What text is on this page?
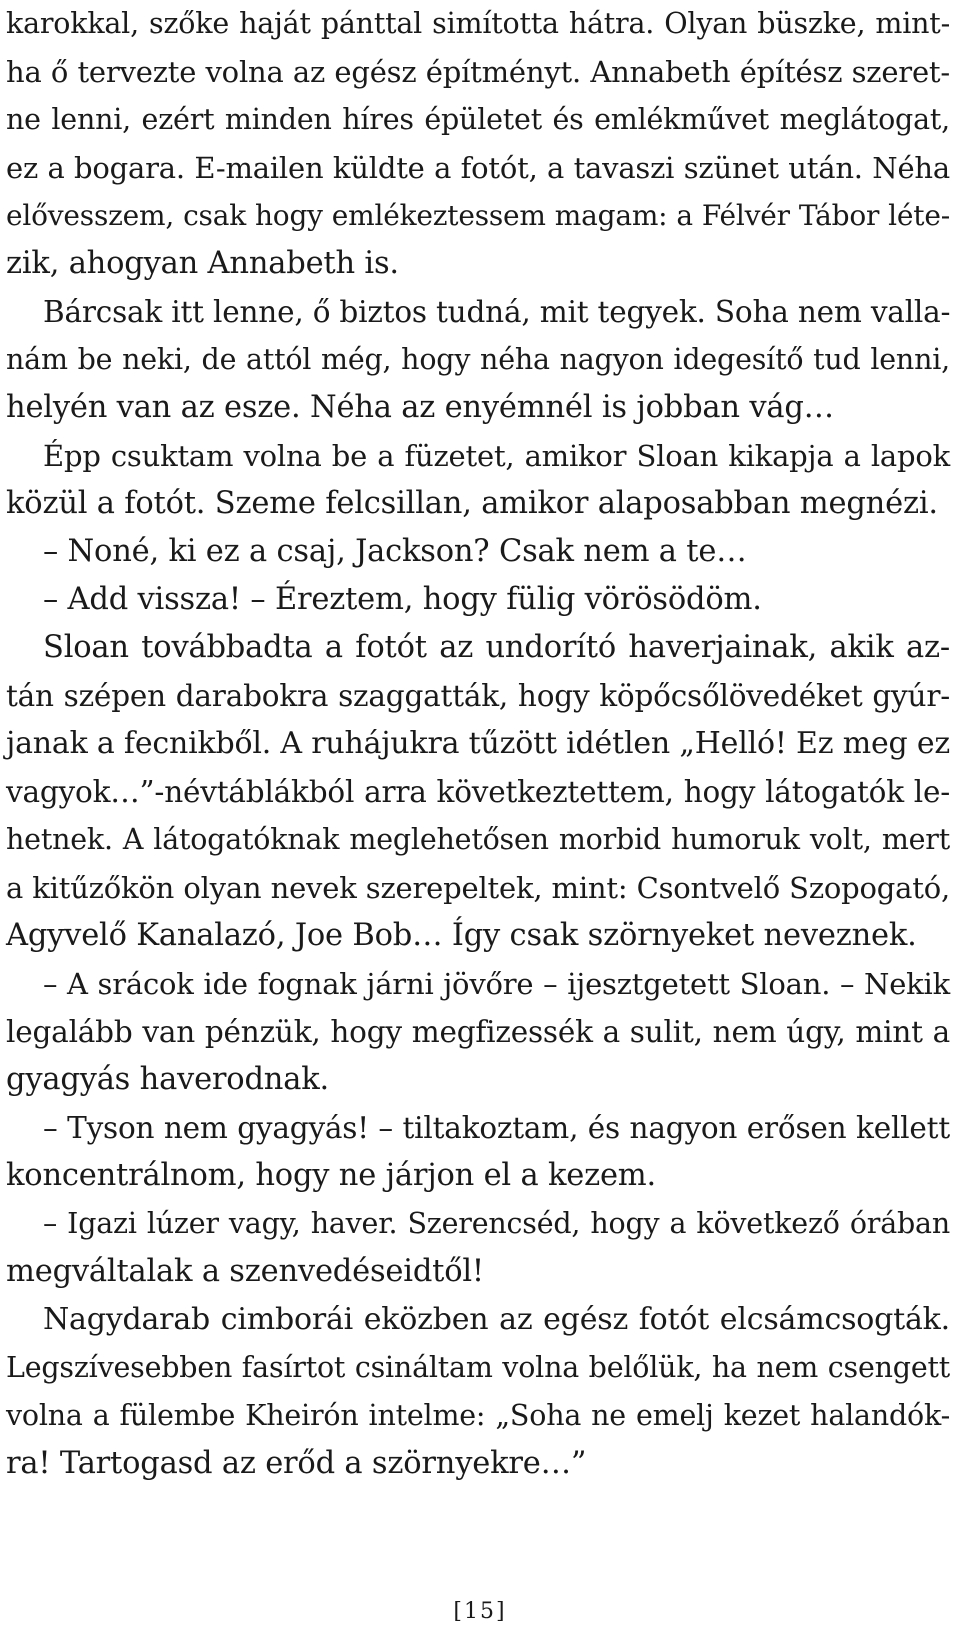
karokkal, szőke haját pánttal simította hátra. Olyan büszke, mint-
ha ő tervezte volna az egész építményt. Annabeth építész szeret-
ne lenni, ezért minden híres épületet és emlékművet meglátogat,
ez a bogara. E-mailen küldte a fotót, a tavaszi szünet után. Néha
elővesszem, csak hogy emlékeztessem magam: a Félvér Tábor léte-
zik, ahogyan Annabeth is.
Bárcsak itt lenne, ő biztos tudná, mit tegyek. Soha nem valla-
nám be neki, de attól még, hogy néha nagyon idegesítő tud lenni,
helyén van az esze. Néha az enyémnél is jobban vág…
Épp csuktam volna be a füzetet, amikor Sloan kikapja a lapok
közül a fotót. Szeme felcsillan, amikor alaposabban megnézi.
– Noné, ki ez a csaj, Jackson? Csak nem a te…
– Add vissza! – Éreztem, hogy fülig vörösödöm.
Sloan továbbadta a fotót az undorító haverjainak, akik az-
tán szépen darabokra szaggatták, hogy köpőcsőlövedéket gyúr-
janak a fecnikből. A ruhájukra tűzött idétlen „Helló! Ez meg ez
vagyok…”-névtáblákból arra következtettem, hogy látogatók le-
hetnek. A látogatóknak meglehetősen morbid humoruk volt, mert
a kitűzőkön olyan nevek szerepeltek, mint: Csontvelő Szopogató,
Agyvelő Kanalazó, Joe Bob… Így csak szörnyeket neveznek.
– A srácok ide fognak járni jövőre – ijesztgetett Sloan. – Nekik
legalább van pénzük, hogy megfizessék a sulit, nem úgy, mint a
gyagyás haverodnak.
– Tyson nem gyagyás! – tiltakoztam, és nagyon erősen kellett
koncentrálnom, hogy ne járjon el a kezem.
– Igazi lúzer vagy, haver. Szerencséd, hogy a következő órában
megváltalak a szenvedéseidtől!
Nagydarab cimborái eközben az egész fotót elcsámcsogták.
Legszívesebben fasírtot csináltam volna belőlük, ha nem csengett
volna a fülembe Kheirón intelme: „Soha ne emelj kezet halandók-
ra! Tartogasd az erőd a szörnyekre…”
[15]
